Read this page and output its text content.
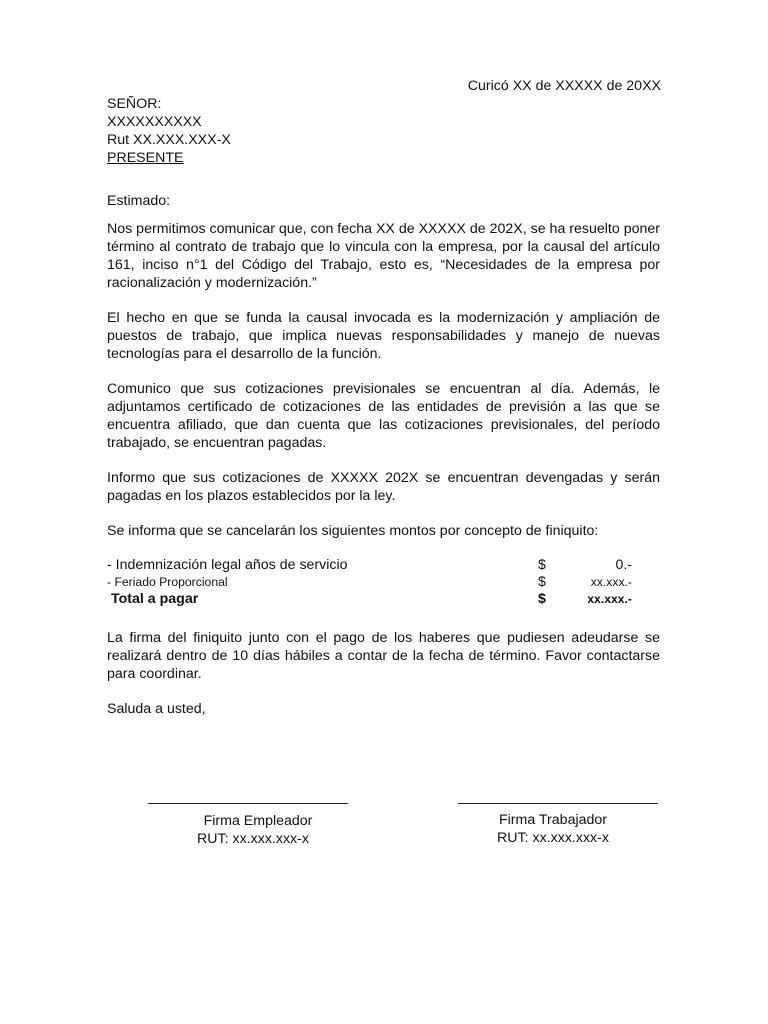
Curicó XX de XXXXX de 20XX
SEÑOR:
XXXXXXXXXX
Rut XX.XXX.XXX-X
PRESENTE

Estimado:

Nos permitimos comunicar que, con fecha XX de XXXXX de 202X, se ha resuelto poner término al contrato de trabajo que lo vincula con la empresa, por la causal del artículo 161, inciso n°1 del Código del Trabajo, esto es, “Necesidades de la empresa por racionalización y modernización.”

El hecho en que se funda la causal invocada es la modernización y ampliación de puestos de trabajo, que implica nuevas responsabilidades y manejo de nuevas tecnologías para el desarrollo de la función.

Comunico que sus cotizaciones previsionales se encuentran al día. Además, le adjuntamos certificado de cotizaciones de las entidades de previsión a las que se encuentra afiliado, que dan cuenta que las cotizaciones previsionales, del período trabajado, se encuentran pagadas.

Informo que sus cotizaciones de XXXXX 202X se encuentran devengadas y serán pagadas en los plazos establecidos por la ley.

Se informa que se cancelarán los siguientes montos por concepto de finiquito:

- Indemnización legal años de servicio	$	0.-
- Feriado Proporcional	$	xx.xxx.-
Total a pagar	$	xx.xxx.-

La firma del finiquito junto con el pago de los haberes que pudiesen adeudarse se realizará dentro de 10 días hábiles a contar de la fecha de término. Favor contactarse para coordinar.

Saluda a usted,

Firma Empleador
RUT: xx.xxx.xxx-x
Firma Trabajador
RUT: xx.xxx.xxx-x
